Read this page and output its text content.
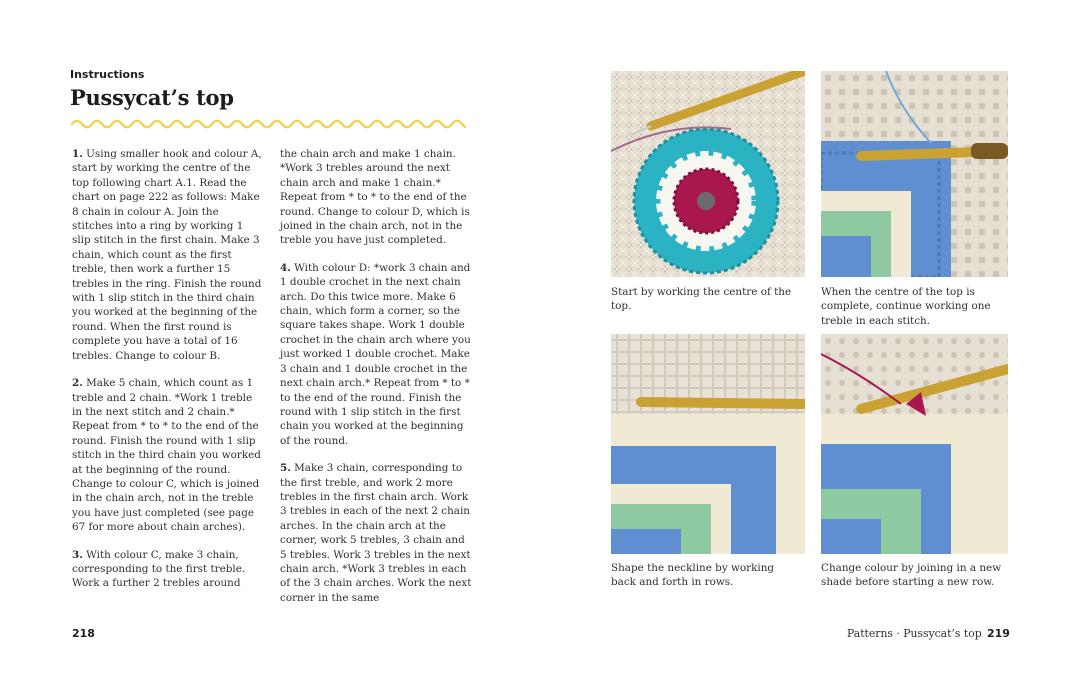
Instructions
Pussycat’s top

1. Using smaller hook and colour A, start by working the centre of the top following chart A.1. Read the chart on page 222 as follows: Make 8 chain in colour A. Join the stitches into a ring by working 1 slip stitch in the first chain. Make 3 chain, which count as the first treble, then work a further 15 trebles in the ring. Finish the round with 1 slip stitch in the third chain you worked at the beginning of the round. When the first round is complete you have a total of 16 trebles. Change to colour B.

2. Make 5 chain, which count as 1 treble and 2 chain. *Work 1 treble in the next stitch and 2 chain.* Repeat from * to * to the end of the round. Finish the round with 1 slip stitch in the third chain you worked at the beginning of the round. Change to colour C, which is joined in the chain arch, not in the treble you have just completed (see page 67 for more about chain arches).

3. With colour C, make 3 chain, corresponding to the first treble. Work a further 2 trebles around

the chain arch and make 1 chain. *Work 3 trebles around the next chain arch and make 1 chain.* Repeat from * to * to the end of the round. Change to colour D, which is joined in the chain arch, not in the treble you have just completed.

4. With colour D: *work 3 chain and 1 double crochet in the next chain arch. Do this twice more. Make 6 chain, which form a corner, so the square takes shape. Work 1 double crochet in the chain arch where you just worked 1 double crochet. Make 3 chain and 1 double crochet in the next chain arch.* Repeat from * to * to the end of the round. Finish the round with 1 slip stitch in the first chain you worked at the beginning of the round.

5. Make 3 chain, corresponding to the first treble, and work 2 more trebles in the first chain arch. Work 3 trebles in each of the next 2 chain arches. In the chain arch at the corner, work 5 trebles, 3 chain and 5 trebles. Work 3 trebles in the next chain arch. *Work 3 trebles in each of the 3 chain arches. Work the next corner in the same

Start by working the centre of the top.
When the centre of the top is complete, continue working one treble in each stitch.
Shape the neckline by working back and forth in rows.
Change colour by joining in a new shade before starting a new row.
218	Patterns · Pussycat’s top 219
